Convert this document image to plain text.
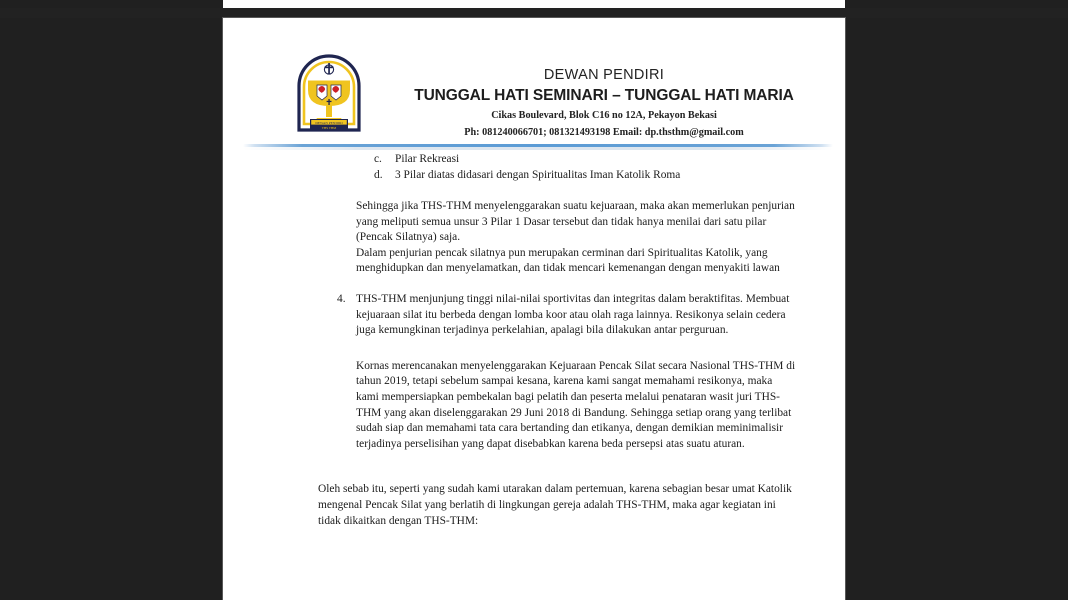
DEWAN PENDIRI
THS THM
DEWAN PENDIRI
TUNGGAL HATI SEMINARI – TUNGGAL HATI MARIA
Cikas Boulevard, Blok C16 no 12A, Pekayon Bekasi
Ph: 081240066701; 081321493198 Email: dp.thsthm@gmail.com
c.	Pilar Rekreasi
d.	3 Pilar diatas didasari dengan Spiritualitas Iman Katolik Roma
Sehingga jika THS-THM menyelenggarakan suatu kejuaraan, maka akan memerlukan penjurian yang meliputi semua unsur 3 Pilar 1 Dasar tersebut dan tidak hanya menilai dari satu pilar (Pencak Silatnya) saja.
Dalam penjurian pencak silatnya pun merupakan cerminan dari Spiritualitas Katolik, yang menghidupkan dan menyelamatkan, dan tidak mencari kemenangan dengan menyakiti lawan
4. THS-THM menjunjung tinggi nilai-nilai sportivitas dan integritas dalam beraktifitas. Membuat kejuaraan silat itu berbeda dengan lomba koor atau olah raga lainnya. Resikonya selain cedera juga kemungkinan terjadinya perkelahian, apalagi bila dilakukan antar perguruan.
Kornas merencanakan menyelenggarakan Kejuaraan Pencak Silat secara Nasional THS-THM di tahun 2019, tetapi sebelum sampai kesana, karena kami sangat memahami resikonya, maka kami mempersiapkan pembekalan bagi pelatih dan peserta melalui penataran wasit juri THS-THM yang akan diselenggarakan 29 Juni 2018 di Bandung. Sehingga setiap orang yang terlibat sudah siap dan memahami tata cara bertanding dan etikanya, dengan demikian meminimalisir terjadinya perselisihan yang dapat disebabkan karena beda persepsi atas suatu aturan.
Oleh sebab itu, seperti yang sudah kami utarakan dalam pertemuan, karena sebagian besar umat Katolik mengenal Pencak Silat yang berlatih di lingkungan gereja adalah THS-THM, maka agar kegiatan ini tidak dikaitkan dengan THS-THM:
